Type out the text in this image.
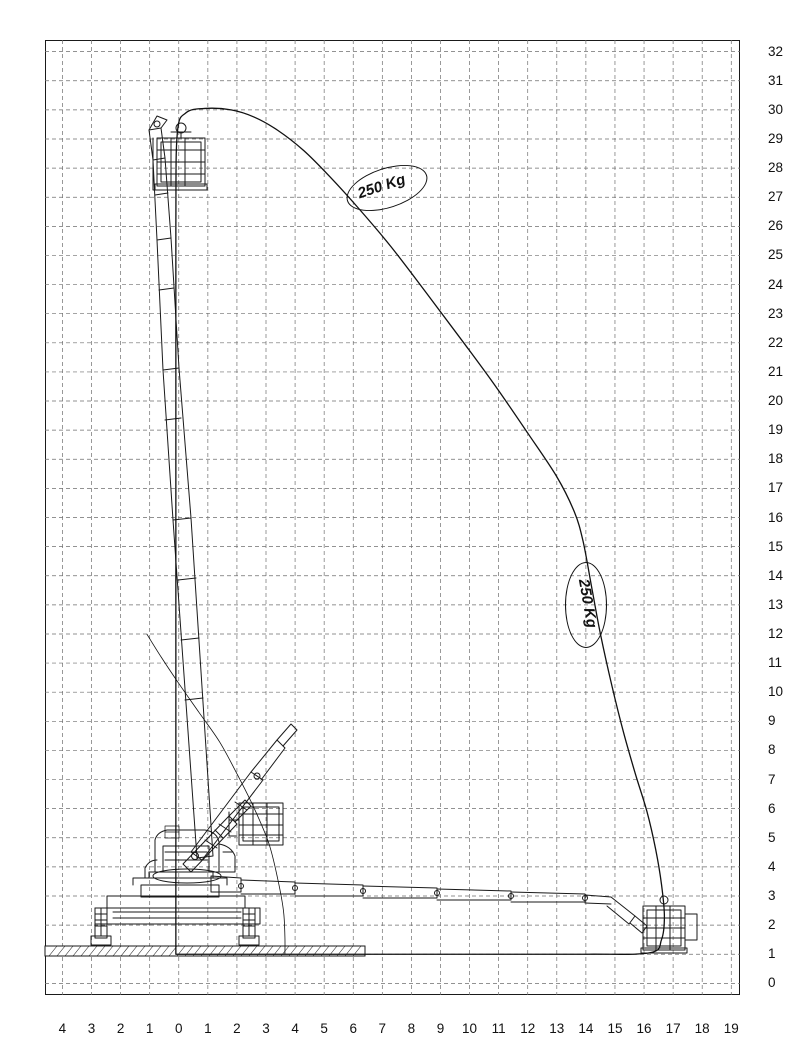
250 Kg
250 Kg
0
1
2
3
4
5
6
7
8
9
10
11
12
13
14
15
16
17
18
19
20
21
22
23
24
25
26
27
28
29
30
31
32
4	3	2	1	0	1	2	3	4	5	6	7	8	9	10 11 12 13 14 15 16 17 18 19
